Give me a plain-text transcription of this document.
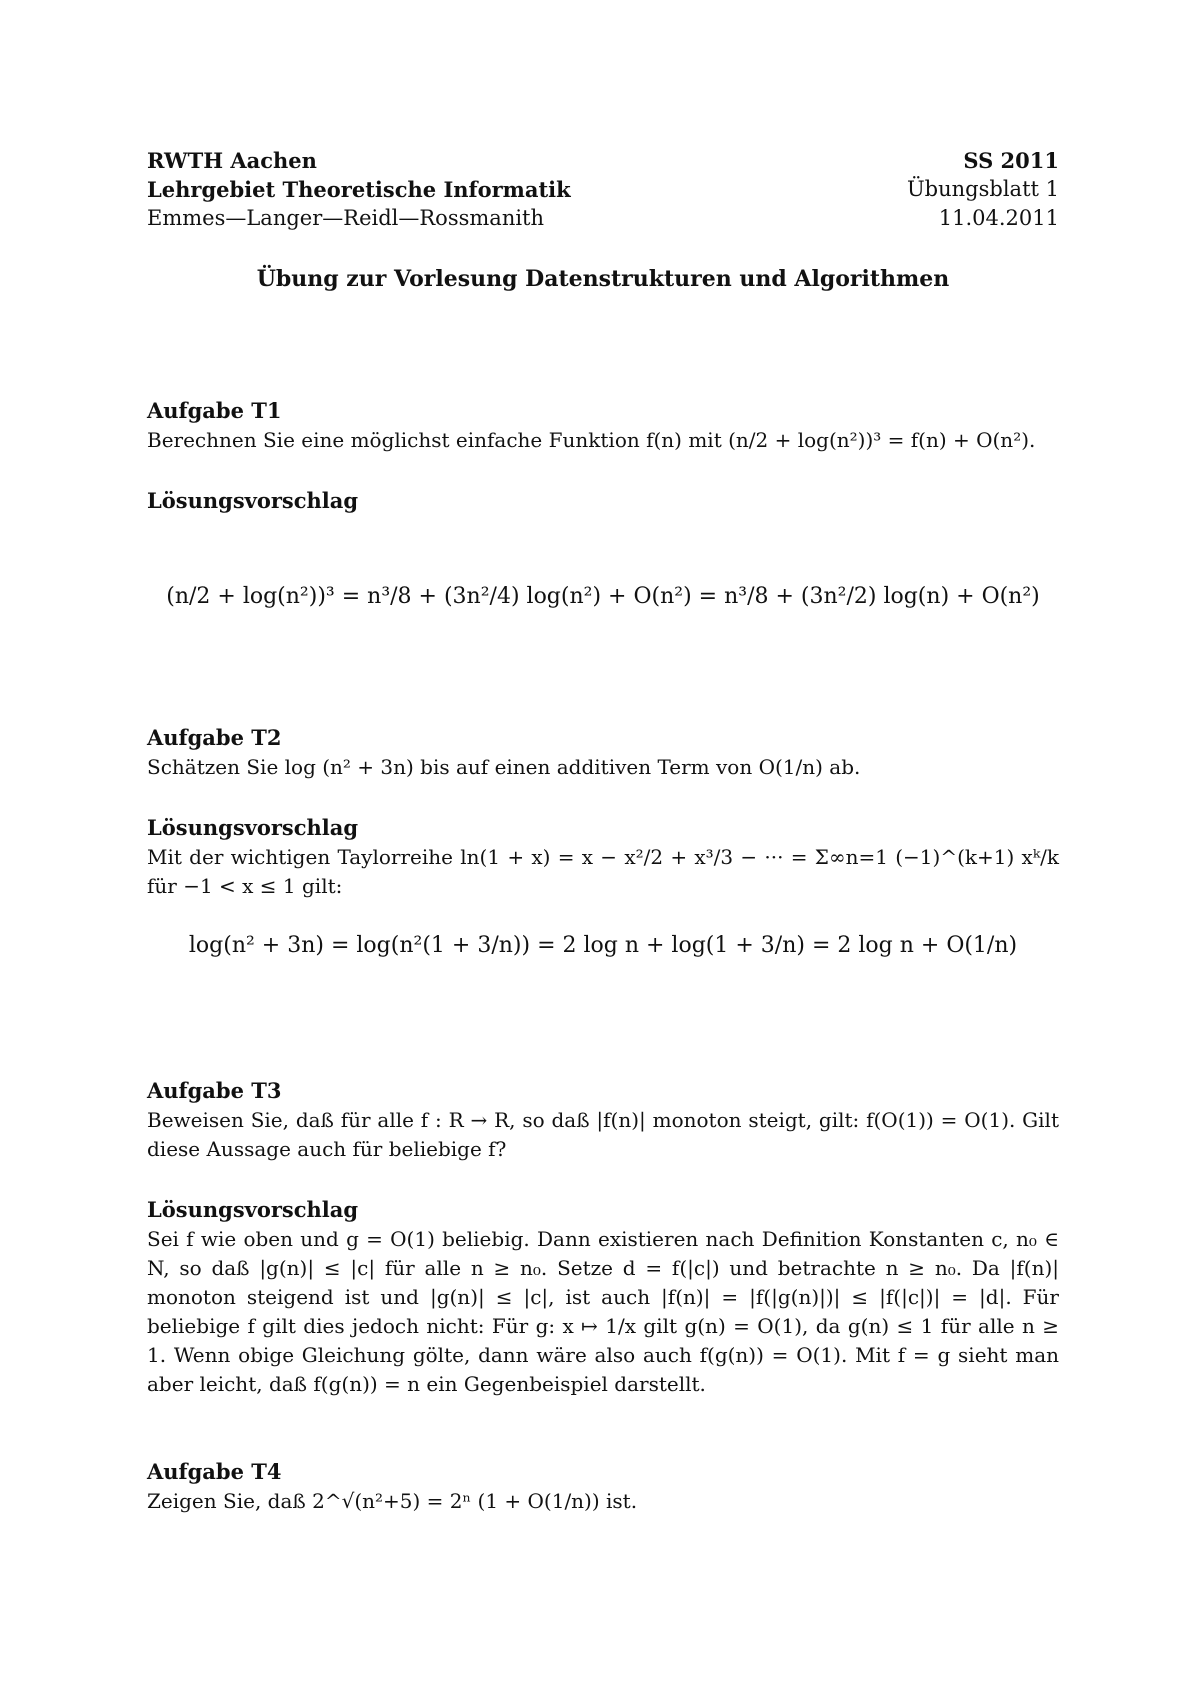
RWTH Aachen	SS 2011
Lehrgebiet Theoretische Informatik	Übungsblatt 1
Emmes—Langer—Reidl—Rossmanith	11.04.2011
Übung zur Vorlesung Datenstrukturen und Algorithmen
Aufgabe T1
Berechnen Sie eine möglichst einfache Funktion f(n) mit (n/2 + log(n²))³ = f(n) + O(n²).
Lösungsvorschlag
(n/2 + log(n²))³ = n³/8 + (3n²/4) log(n²) + O(n²) = n³/8 + (3n²/2) log(n) + O(n²)
Aufgabe T2
Schätzen Sie log (n² + 3n) bis auf einen additiven Term von O(1/n) ab.
Lösungsvorschlag
Mit der wichtigen Taylorreihe ln(1 + x) = x − x²/2 + x³/3 − ··· = Σ∞n=1 (−1)^(k+1) xᵏ/k für −1 < x ≤ 1 gilt:
log(n² + 3n) = log(n²(1 + 3/n)) = 2 log n + log(1 + 3/n) = 2 log n + O(1/n)
Aufgabe T3
Beweisen Sie, daß für alle f : R → R, so daß |f(n)| monoton steigt, gilt: f(O(1)) = O(1). Gilt diese Aussage auch für beliebige f?
Lösungsvorschlag
Sei f wie oben und g = O(1) beliebig. Dann existieren nach Definition Konstanten c, n₀ ∈ N, so daß |g(n)| ≤ |c| für alle n ≥ n₀. Setze d = f(|c|) und betrachte n ≥ n₀. Da |f(n)| monoton steigend ist und |g(n)| ≤ |c|, ist auch |f(n)| = |f(|g(n)|)| ≤ |f(|c|)| = |d|. Für beliebige f gilt dies jedoch nicht: Für g: x ↦ 1/x gilt g(n) = O(1), da g(n) ≤ 1 für alle n ≥ 1. Wenn obige Gleichung gölte, dann wäre also auch f(g(n)) = O(1). Mit f = g sieht man aber leicht, daß f(g(n)) = n ein Gegenbeispiel darstellt.
Aufgabe T4
Zeigen Sie, daß 2^√(n²+5) = 2ⁿ (1 + O(1/n)) ist.
